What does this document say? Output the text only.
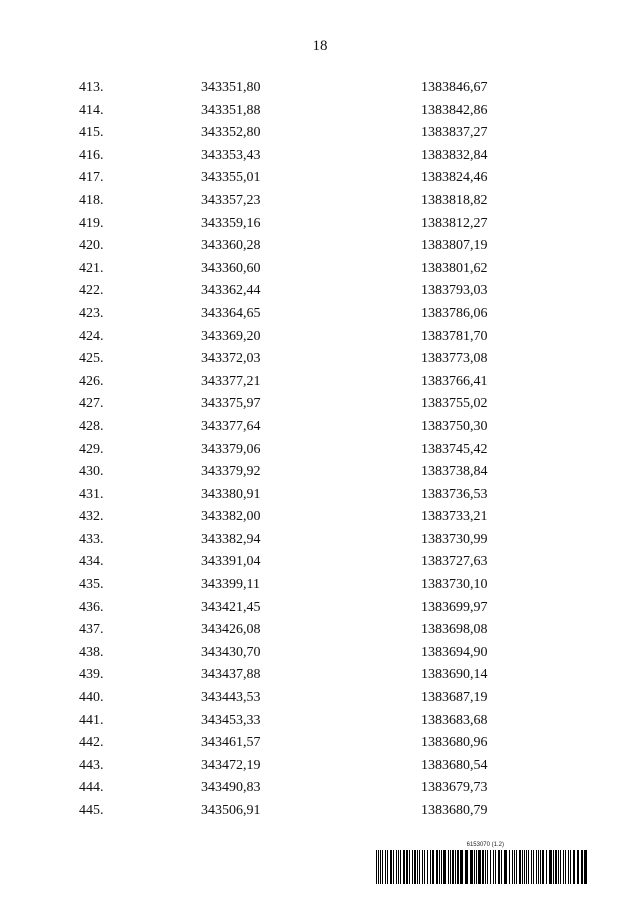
18
413.	343351,80	1383846,67
414.	343351,88	1383842,86
415.	343352,80	1383837,27
416.	343353,43	1383832,84
417.	343355,01	1383824,46
418.	343357,23	1383818,82
419.	343359,16	1383812,27
420.	343360,28	1383807,19
421.	343360,60	1383801,62
422.	343362,44	1383793,03
423.	343364,65	1383786,06
424.	343369,20	1383781,70
425.	343372,03	1383773,08
426.	343377,21	1383766,41
427.	343375,97	1383755,02
428.	343377,64	1383750,30
429.	343379,06	1383745,42
430.	343379,92	1383738,84
431.	343380,91	1383736,53
432.	343382,00	1383733,21
433.	343382,94	1383730,99
434.	343391,04	1383727,63
435.	343399,11	1383730,10
436.	343421,45	1383699,97
437.	343426,08	1383698,08
438.	343430,70	1383694,90
439.	343437,88	1383690,14
440.	343443,53	1383687,19
441.	343453,33	1383683,68
442.	343461,57	1383680,96
443.	343472,19	1383680,54
444.	343490,83	1383679,73
445.	343506,91	1383680,79
6153070 (1.2)
